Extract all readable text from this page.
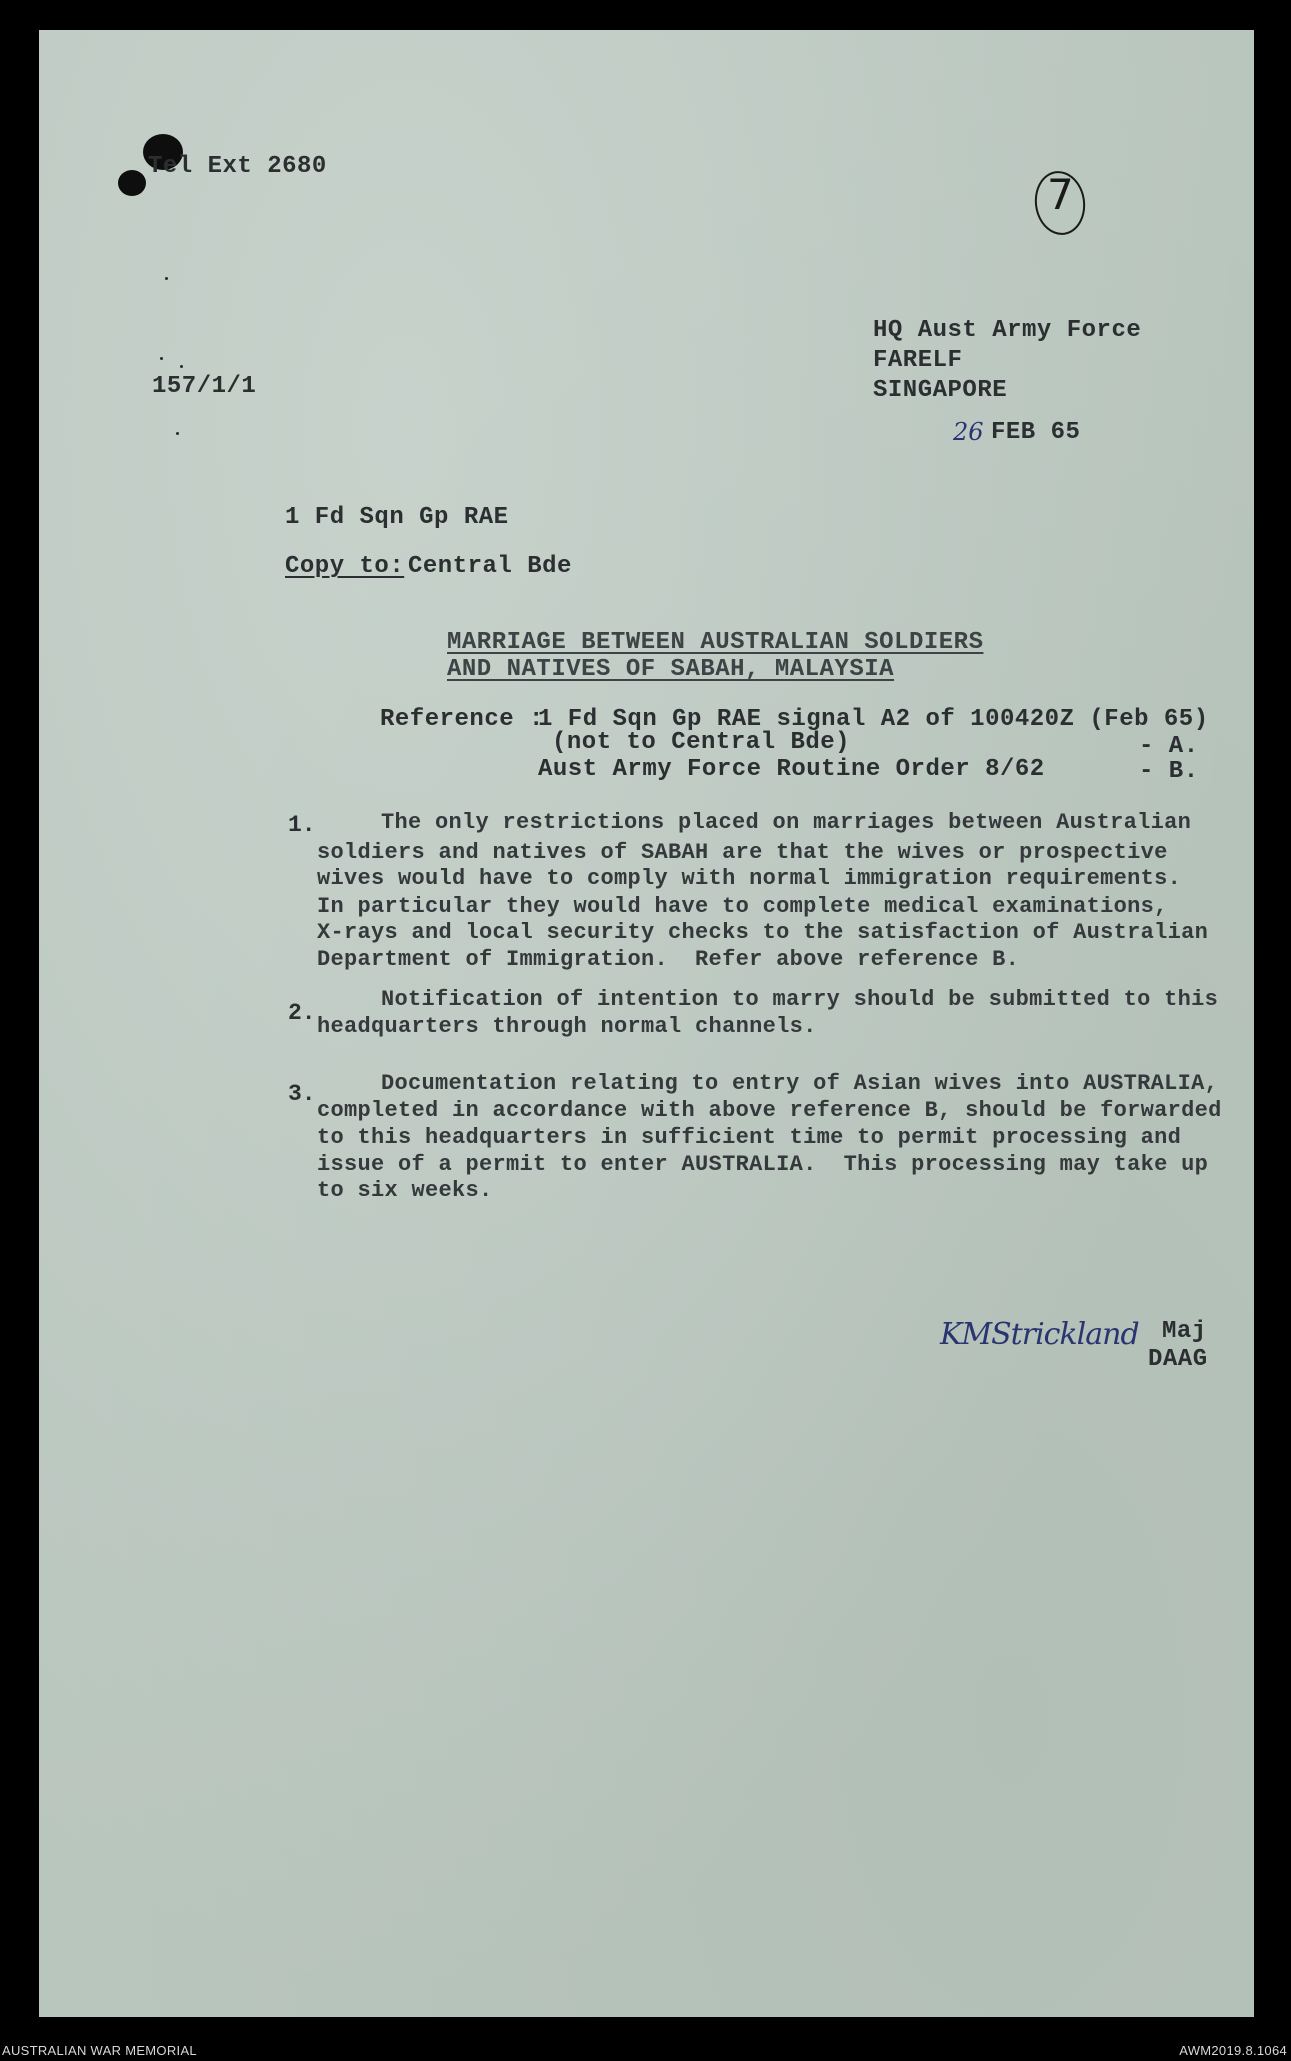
Tel Ext 2680
157/1/1
7
HQ Aust Army Force
FARELF
SINGAPORE
26 FEB 65
1 Fd Sqn Gp RAE
Copy to: Central Bde
MARRIAGE BETWEEN AUSTRALIAN SOLDIERS
AND NATIVES OF SABAH, MALAYSIA
Reference :
1 Fd Sqn Gp RAE signal A2 of 100420Z (Feb 65)
(not to Central Bde)	- A.
Aust Army Force Routine Order 8/62	- B.
1.	The only restrictions placed on marriages between Australian
soldiers and natives of SABAH are that the wives or prospective
wives would have to comply with normal immigration requirements.
In particular they would have to complete medical examinations,
X-rays and local security checks to the satisfaction of Australian
Department of Immigration.  Refer above reference B.
2.
Notification of intention to marry should be submitted to this
headquarters through normal channels.
3.	Documentation relating to entry of Asian wives into AUSTRALIA,
completed in accordance with above reference B, should be forwarded
to this headquarters in sufficient time to permit processing and
issue of a permit to enter AUSTRALIA.  This processing may take up
to six weeks.
KMStrickland Maj
DAAG
AUSTRALIAN WAR MEMORIAL	AWM2019.8.1064
